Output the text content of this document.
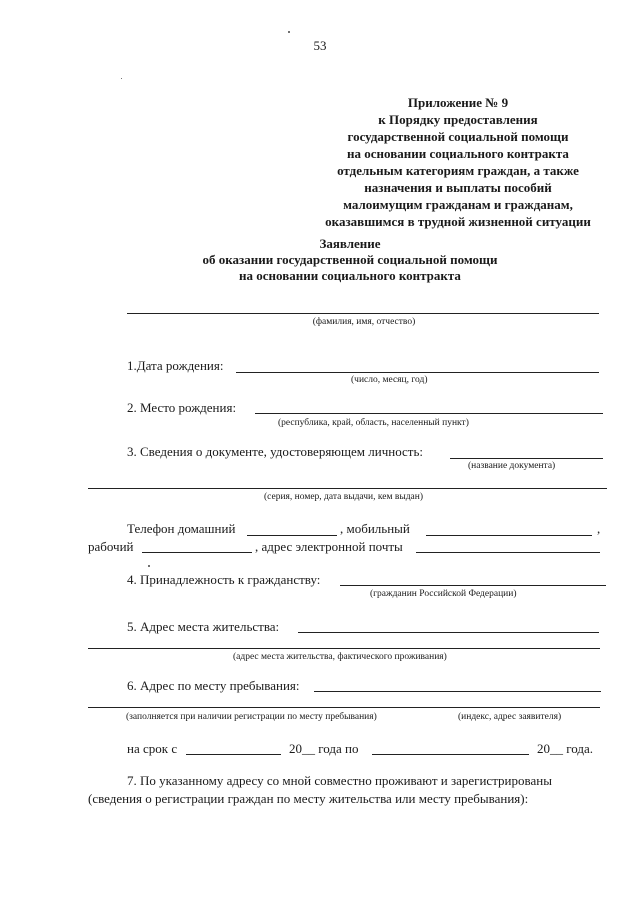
53
Приложение № 9
к Порядку предоставления
государственной социальной помощи
на основании социального контракта
отдельным категориям граждан, а также
назначения и выплаты пособий
малоимущим гражданам и гражданам,
оказавшимся в трудной жизненной ситуации
Заявление
об оказании государственной социальной помощи
на основании социального контракта
(фамилия, имя, отчество)
1.Дата рождения:
(число, месяц, год)
2. Место рождения:
(республика, край, область, населенный пункт)
3. Сведения о документе, удостоверяющем личность:
(название документа)
(серия, номер, дата выдачи, кем выдан)
Телефон домашний	, мобильный	,
рабочий	, адрес электронной почты
4. Принадлежность к гражданству:
(гражданин Российской Федерации)
5. Адрес места жительства:
(адрес места жительства, фактического проживания)
6. Адрес по месту пребывания:
(заполняется при наличии регистрации по месту пребывания)	(индекс, адрес заявителя)
на срок с	20__ года по	20__ года.
7. По указанному адресу со мной совместно проживают и зарегистрированы
(сведения о регистрации граждан по месту жительства или месту пребывания):
